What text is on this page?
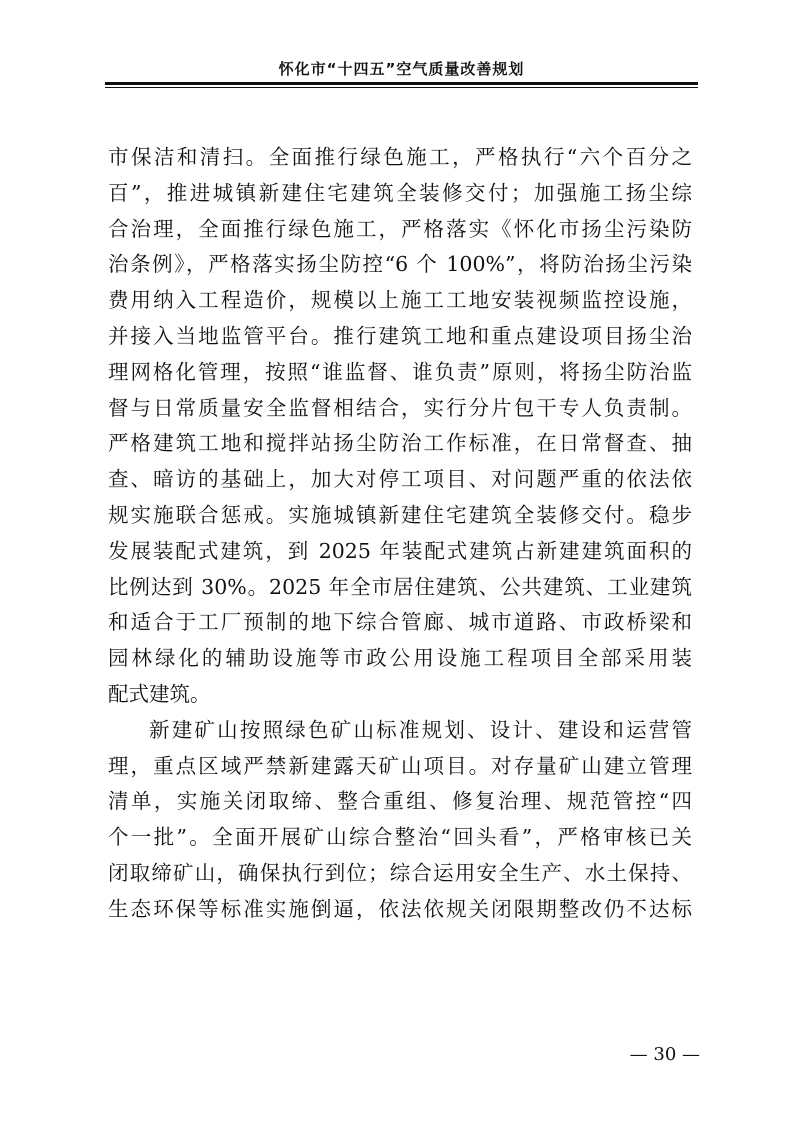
怀化市“十四五”空气质量改善规划
市保洁和清扫。全面推行绿色施工，严格执行“六个百分之
百”，推进城镇新建住宅建筑全装修交付；加强施工扬尘综
合治理，全面推行绿色施工，严格落实《怀化市扬尘污染防
治条例》，严格落实扬尘防控“6 个 100%”，将防治扬尘污染
费用纳入工程造价，规模以上施工工地安装视频监控设施，
并接入当地监管平台。推行建筑工地和重点建设项目扬尘治
理网格化管理，按照“谁监督、谁负责”原则，将扬尘防治监
督与日常质量安全监督相结合，实行分片包干专人负责制。
严格建筑工地和搅拌站扬尘防治工作标准，在日常督查、抽
查、暗访的基础上，加大对停工项目、对问题严重的依法依
规实施联合惩戒。实施城镇新建住宅建筑全装修交付。稳步
发展装配式建筑，到 2025 年装配式建筑占新建建筑面积的
比例达到 30%。2025 年全市居住建筑、公共建筑、工业建筑
和适合于工厂预制的地下综合管廊、城市道路、市政桥梁和
园林绿化的辅助设施等市政公用设施工程项目全部采用装
配式建筑。
新建矿山按照绿色矿山标准规划、设计、建设和运营管
理，重点区域严禁新建露天矿山项目。对存量矿山建立管理
清单，实施关闭取缔、整合重组、修复治理、规范管控“四
个一批”。全面开展矿山综合整治“回头看”，严格审核已关
闭取缔矿山，确保执行到位；综合运用安全生产、水土保持、
生态环保等标准实施倒逼，依法依规关闭限期整改仍不达标
— 30 —
